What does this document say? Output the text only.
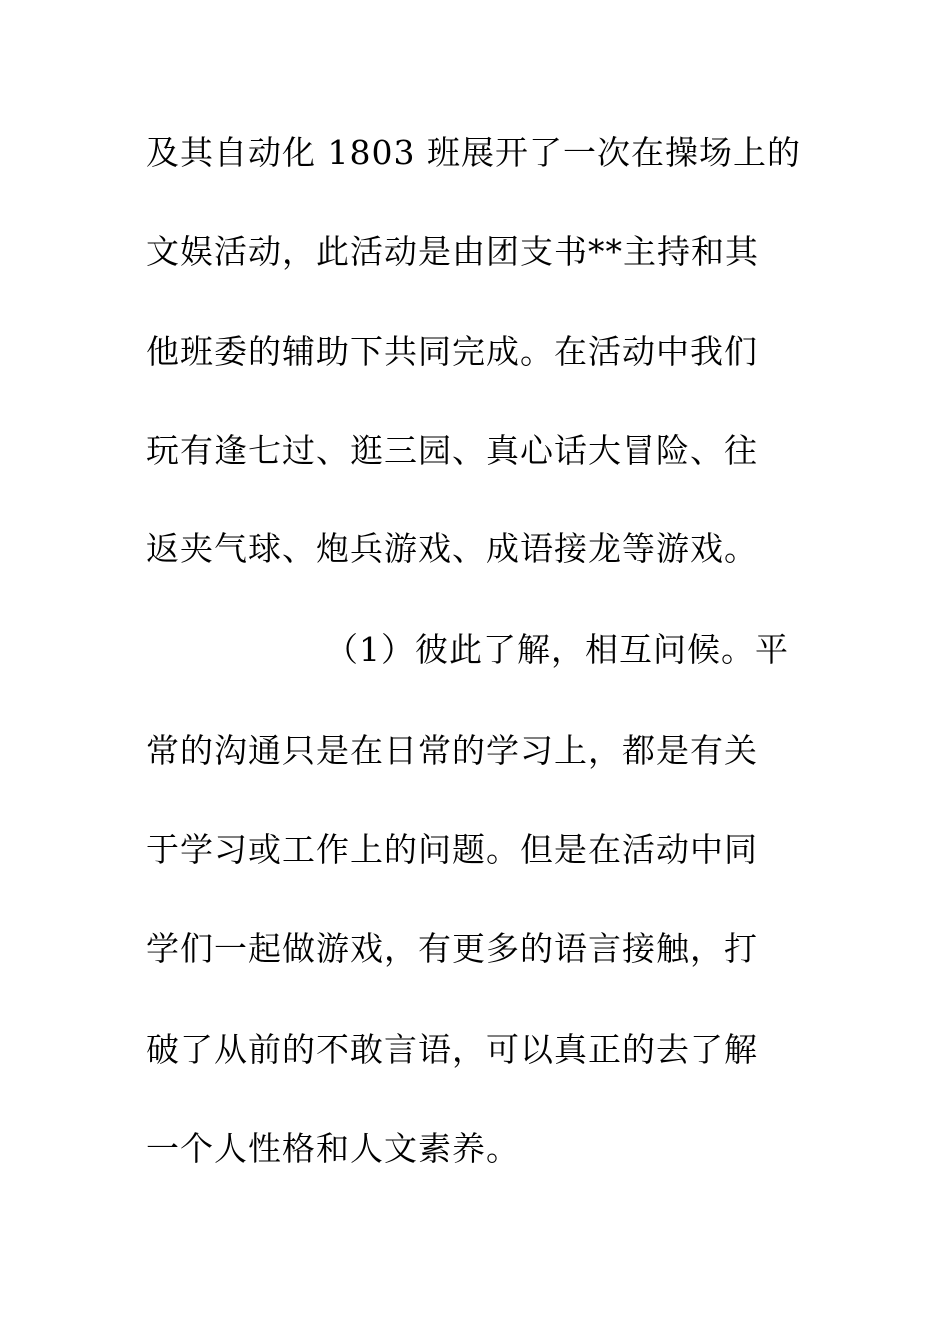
及其自动化 1803 班展开了一次在操场上的
文娱活动，此活动是由团支书**主持和其
他班委的辅助下共同完成。在活动中我们
玩有逢七过、逛三园、真心话大冒险、往
返夹气球、炮兵游戏、成语接龙等游戏。
（1）彼此了解，相互问候。平
常的沟通只是在日常的学习上，都是有关
于学习或工作上的问题。但是在活动中同
学们一起做游戏，有更多的语言接触，打
破了从前的不敢言语，可以真正的去了解
一个人性格和人文素养。
